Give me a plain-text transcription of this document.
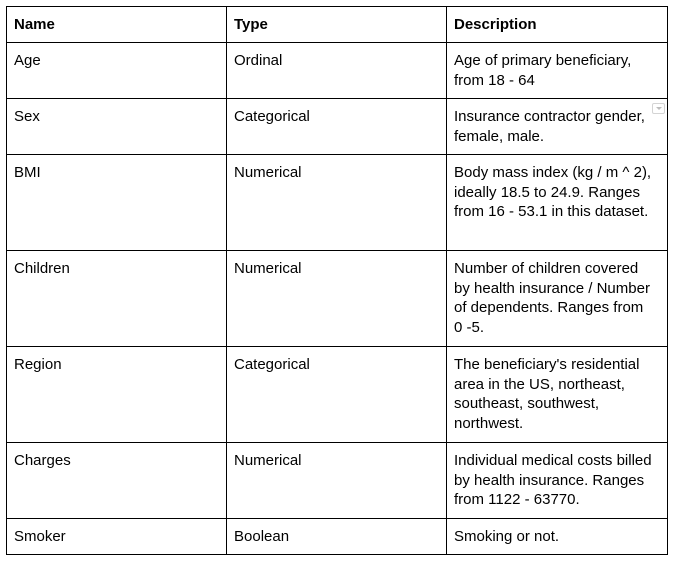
Name	Type	Description
Age	Ordinal	Age of primary beneficiary, from 18 - 64
Sex	Categorical	Insurance contractor gender, female, male.

BMI	Numerical	Body mass index (kg / m ^ 2), ideally 18.5 to 24.9. Ranges from 16 - 53.1 in this dataset.
Children	Numerical	Number of children covered by health insurance / Number of dependents. Ranges from 0 -5.
Region	Categorical	The beneficiary's residential area in the US, northeast, southeast, southwest, northwest.
Charges	Numerical	Individual medical costs billed by health insurance. Ranges from 1122 - 63770.
Smoker	Boolean	Smoking or not.
